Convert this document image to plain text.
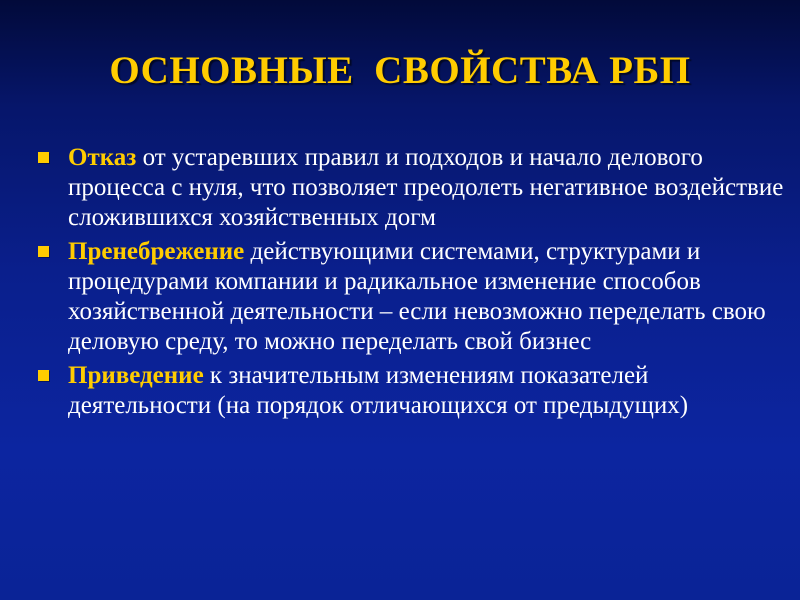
ОСНОВНЫЕ  СВОЙСТВА РБП
Отказ от устаревших правил и подходов и начало делового процесса с нуля, что позволяет преодолеть негативное воздействие сложившихся хозяйственных догм
Пренебрежение действующими системами, структурами и процедурами компании и радикальное изменение способов хозяйственной деятельности – если невозможно переделать свою деловую среду, то можно переделать свой бизнес
Приведение к значительным изменениям показателей деятельности (на порядок отличающихся от предыдущих)
